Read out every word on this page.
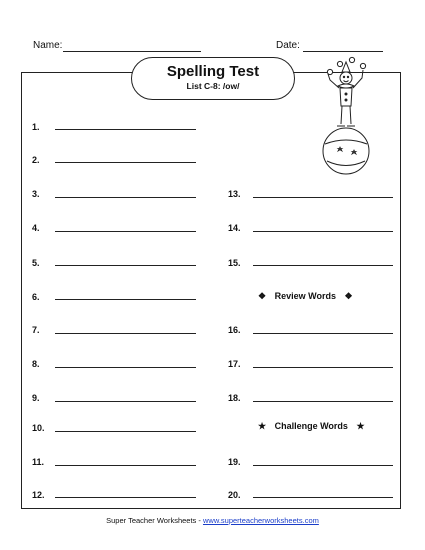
Name:	Date:
Spelling Test
List C-8: /ow/
1.
2.
3.
4.
5.
6.
7.
8.
9.
10.
11.
12.
13.
14.
15.
❖ Review Words ❖
16.
17.
18.
★ Challenge Words ★
19.
20.
Super Teacher Worksheets - www.superteacherworksheets.com
